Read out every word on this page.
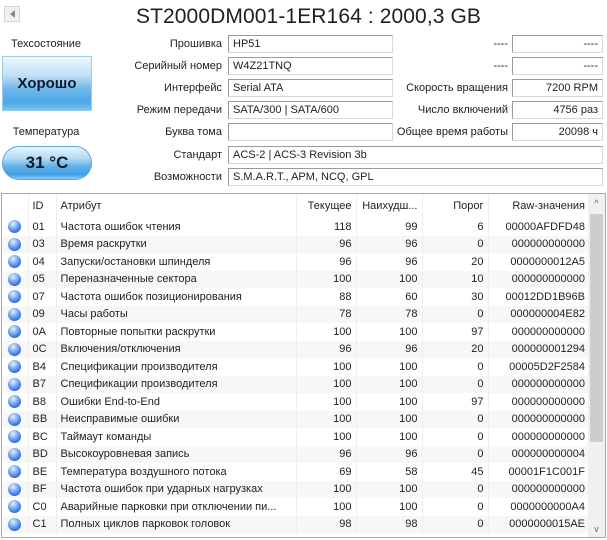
ST2000DM001-1ER164 : 2000,3 GB
Техсостояние
Хорошо
Температура
31 °C
Прошивка	HP51
Серийный номер	W4Z21TNQ
Интерфейс	Serial ATA
Режим передачи	SATA/300 | SATA/600
Буква тома
Стандарт	ACS-2 | ACS-3 Revision 3b
Возможности	S.M.A.R.T., APM, NCQ, GPL
----	----
----	----
Скорость вращения	7200 RPM
Число включений	4756 раз
Общее время работы	20098 ч
	ID	Атрибут	Текущее	Наихудш...	Порог	Raw-значения
	01	Частота ошибок чтения	118	99	6	00000AFDFD48
	03	Время раскрутки	96	96	0	000000000000
	04	Запуски/остановки шпинделя	96	96	20	0000000012A5
	05	Переназначенные сектора	100	100	10	000000000000
	07	Частота ошибок позиционирования	88	60	30	00012DD1B96B
	09	Часы работы	78	78	0	000000004E82
	0A	Повторные попытки раскрутки	100	100	97	000000000000
	0C	Включения/отключения	96	96	20	000000001294
	B4	Спецификации производителя	100	100	0	00005D2F2584
	B7	Спецификации производителя	100	100	0	000000000000
	B8	Ошибки End-to-End	100	100	97	000000000000
	BB	Неисправимые ошибки	100	100	0	000000000000
	BC	Таймаут команды	100	100	0	000000000000
	BD	Высокоуровневая запись	96	96	0	000000000004
	BE	Температура воздушного потока	69	58	45	00001F1C001F
	BF	Частота ошибок при ударных нагрузках	100	100	0	000000000000
	C0	Аварийные парковки при отключении пи...	100	100	0	0000000000A4
	C1	Полных циклов парковок головок	98	98	0	0000000015AE
^
v
